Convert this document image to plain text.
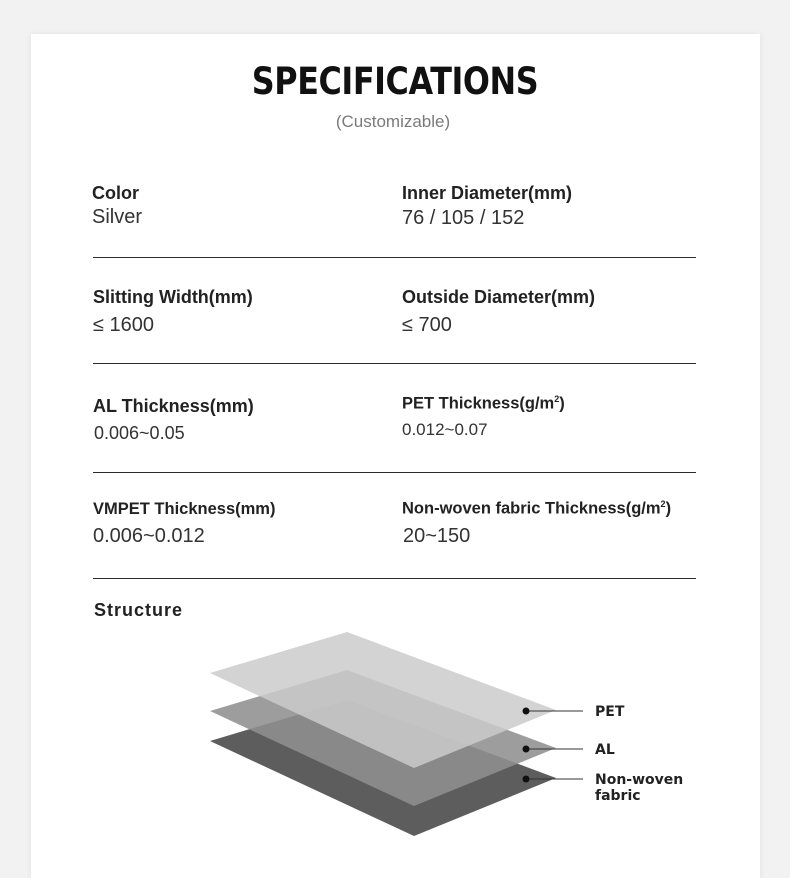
SPECIFICATIONS
(Customizable)
Color
Silver
Inner Diameter(mm)
76 / 105 / 152
Slitting Width(mm)
≤ 1600
Outside Diameter(mm)
≤ 700
AL Thickness(mm)
0.006~0.05
PET $Thickness(g/m^2)$
0.012~0.07
VMPET Thickness(mm)
0.006~0.012
Non-woven fabric $Thickness(g/m^2)$
20~150
Structure
PET
AL
Non-woven
fabric
